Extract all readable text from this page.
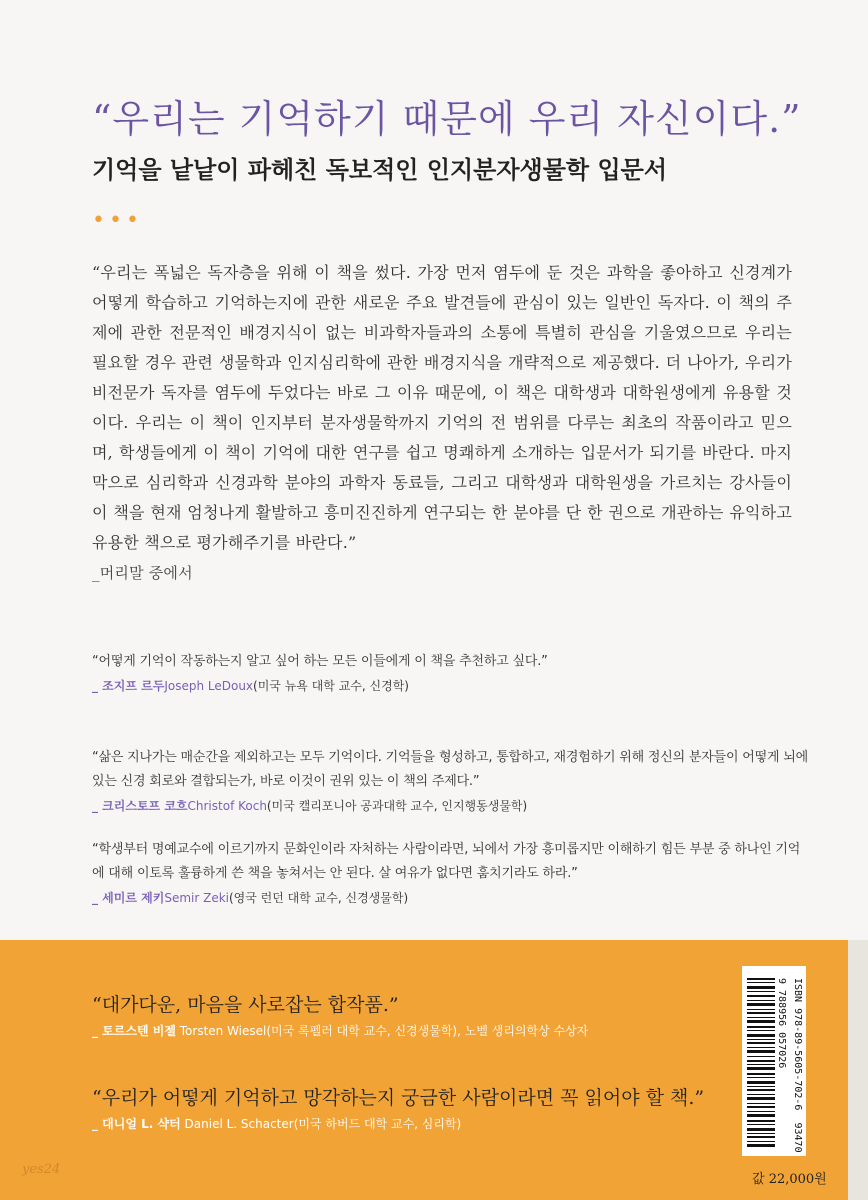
“우리는 기억하기 때문에 우리 자신이다.”
기억을 낱낱이 파헤친 독보적인 인지분자생물학 입문서
•••
“우리는 폭넓은 독자층을 위해 이 책을 썼다. 가장 먼저 염두에 둔 것은 과학을 좋아하고 신경계가 어떻게 학습하고 기억하는지에 관한 새로운 주요 발견들에 관심이 있는 일반인 독자다. 이 책의 주제에 관한 전문적인 배경지식이 없는 비과학자들과의 소통에 특별히 관심을 기울였으므로 우리는 필요할 경우 관련 생물학과 인지심리학에 관한 배경지식을 개략적으로 제공했다. 더 나아가, 우리가 비전문가 독자를 염두에 두었다는 바로 그 이유 때문에, 이 책은 대학생과 대학원생에게 유용할 것이다. 우리는 이 책이 인지부터 분자생물학까지 기억의 전 범위를 다루는 최초의 작품이라고 믿으며, 학생들에게 이 책이 기억에 대한 연구를 쉽고 명쾌하게 소개하는 입문서가 되기를 바란다. 마지막으로 심리학과 신경과학 분야의 과학자 동료들, 그리고 대학생과 대학원생을 가르치는 강사들이 이 책을 현재 엄청나게 활발하고 흥미진진하게 연구되는 한 분야를 단 한 권으로 개관하는 유익하고 유용한 책으로 평가해주기를 바란다.”
_머리말 중에서
“어떻게 기억이 작동하는지 알고 싶어 하는 모든 이들에게 이 책을 추천하고 싶다.”
_ 조지프 르두Joseph LeDoux(미국 뉴욕 대학 교수, 신경학)
“삶은 지나가는 매순간을 제외하고는 모두 기억이다. 기억들을 형성하고, 통합하고, 재경험하기 위해 정신의 분자들이 어떻게 뇌에 있는 신경 회로와 결합되는가, 바로 이것이 권위 있는 이 책의 주제다.”
_ 크리스토프 코흐Christof Koch(미국 캘리포니아 공과대학 교수, 인지행동생물학)
“학생부터 명예교수에 이르기까지 문화인이라 자처하는 사람이라면, 뇌에서 가장 흥미롭지만 이해하기 힘든 부분 중 하나인 기억에 대해 이토록 훌륭하게 쓴 책을 놓쳐서는 안 된다. 살 여유가 없다면 훔치기라도 하라.”
_ 세미르 제키Semir Zeki(영국 런던 대학 교수, 신경생물학)
“대가다운, 마음을 사로잡는 합작품.”
_ 토르스텐 비젤 Torsten Wiesel(미국 록펠러 대학 교수, 신경생물학), 노벨 생리의학상 수상자
“우리가 어떻게 기억하고 망각하는지 궁금한 사람이라면 꼭 읽어야 할 책.”
_ 대니얼 L. 샥터 Daniel L. Schacter(미국 하버드 대학 교수, 심리학)
9 788956 057026 ISBN 978-89-5605-702-6  93470
값 22,000원
yes24
